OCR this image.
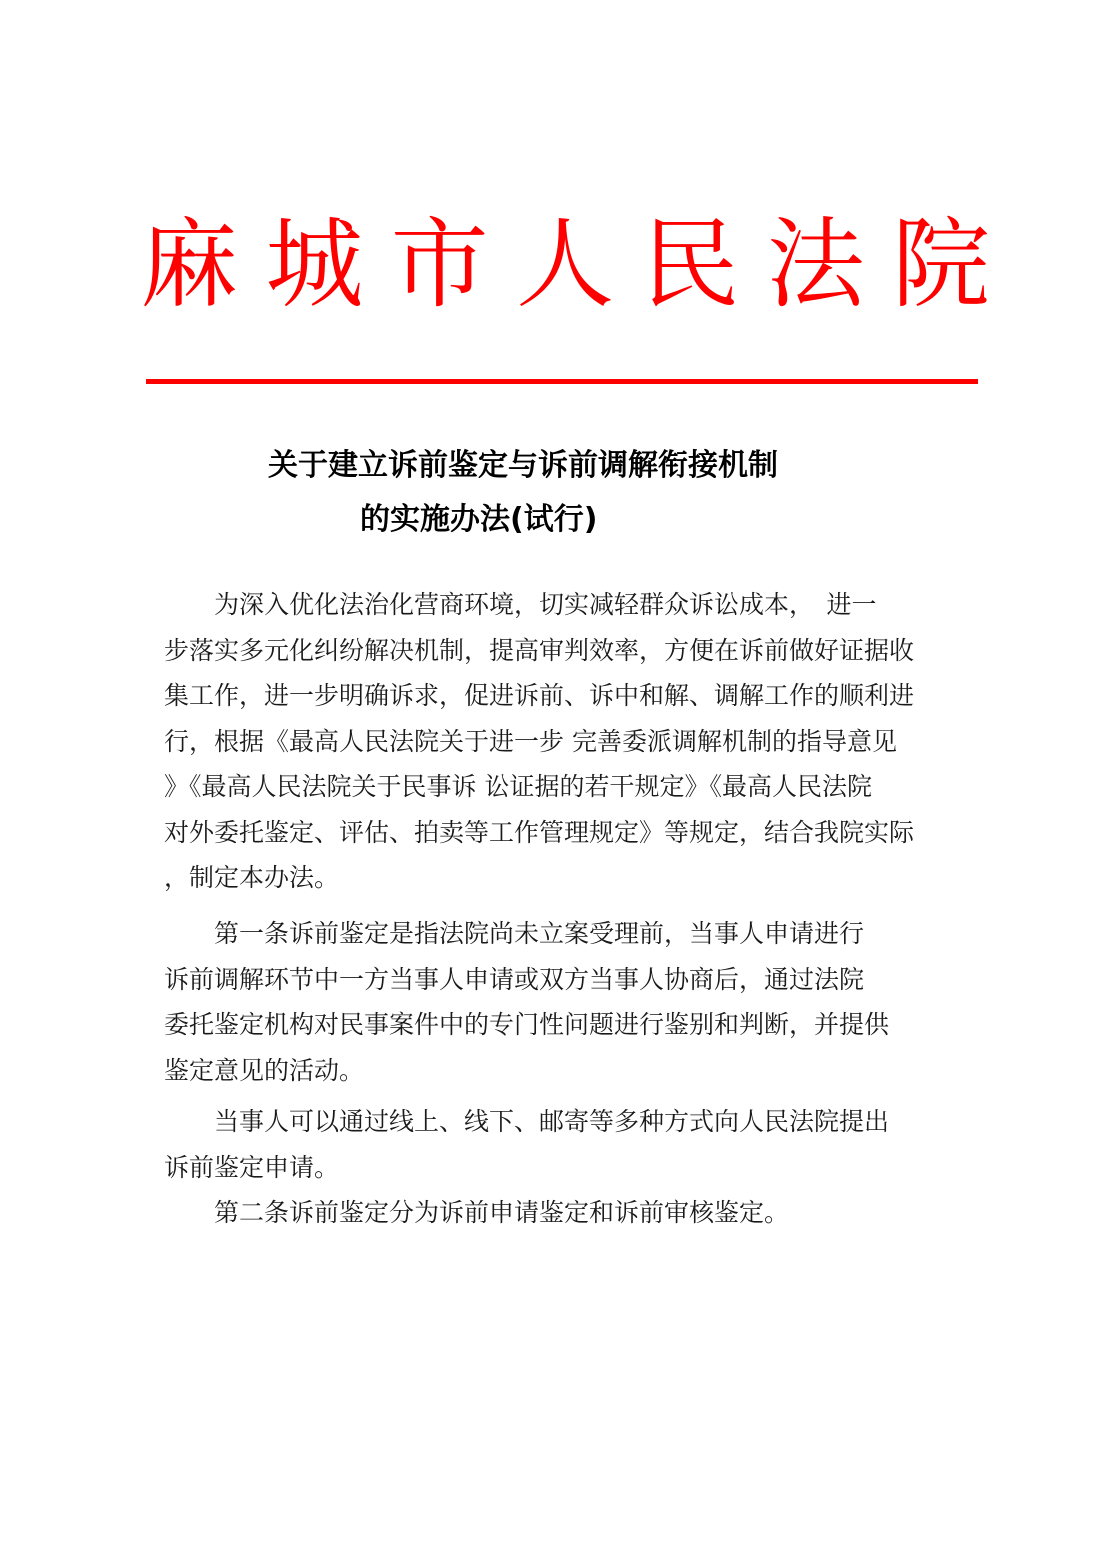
麻 城 市 人 民 法 院
关于建立诉前鉴定与诉前调解衔接机制
的实施办法(试行)
　　为深入优化法治化营商环境，切实减轻群众诉讼成本，　进一
步落实多元化纠纷解决机制，提高审判效率，方便在诉前做好证据收
集工作，进一步明确诉求，促进诉前、诉中和解、调解工作的顺利进
行，根据《最高人民法院关于进一步 完善委派调解机制的指导意见
》《最高人民法院关于民事诉 讼证据的若干规定》《最高人民法院
对外委托鉴定、评估、拍卖等工作管理规定》等规定，结合我院实际
，制定本办法。
　　第一条诉前鉴定是指法院尚未立案受理前，当事人申请进行
诉前调解环节中一方当事人申请或双方当事人协商后，通过法院
委托鉴定机构对民事案件中的专门性问题进行鉴别和判断，并提供
鉴定意见的活动。
　　当事人可以通过线上、线下、邮寄等多种方式向人民法院提出
诉前鉴定申请。
　　第二条诉前鉴定分为诉前申请鉴定和诉前审核鉴定。
